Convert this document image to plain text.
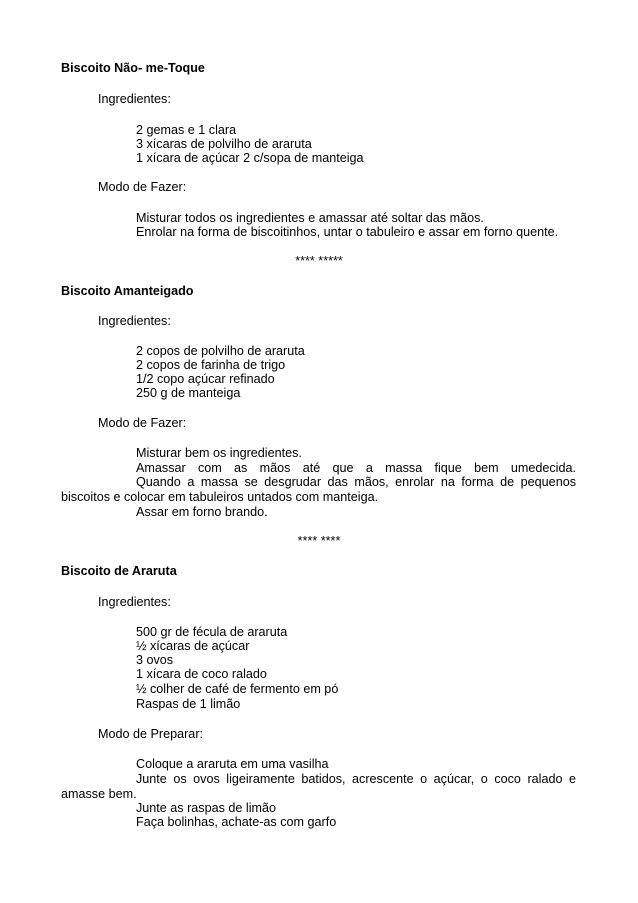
Biscoito Não- me-Toque
Ingredientes:
2 gemas e 1 clara
3 xícaras de polvilho de araruta
1 xícara de açúcar 2 c/sopa de manteiga
Modo de Fazer:
Misturar todos os ingredientes e amassar até soltar das mãos.
Enrolar na forma de biscoitinhos, untar o tabuleiro e assar em forno quente.
**** *****
Biscoito Amanteigado
Ingredientes:
2 copos de polvilho de araruta
2 copos de farinha de trigo
1/2 copo açúcar refinado
250 g de manteiga
Modo de Fazer:
Misturar bem os ingredientes.
Amassar com as mãos até que a massa fique bem umedecida.
Quando a massa se desgrudar das mãos, enrolar na forma de pequenos
biscoitos e colocar em tabuleiros untados com manteiga.
Assar em forno brando.
**** ****
Biscoito de Araruta
Ingredientes:
500 gr de fécula de araruta
½ xícaras de açúcar
3 ovos
1 xícara de coco ralado
½ colher de café de fermento em pó
Raspas de 1 limão
Modo de Preparar:
Coloque a araruta em uma vasilha
Junte os ovos ligeiramente batidos, acrescente o açúcar, o coco ralado e
amasse bem.
Junte as raspas de limão
Faça bolinhas, achate-as com garfo
